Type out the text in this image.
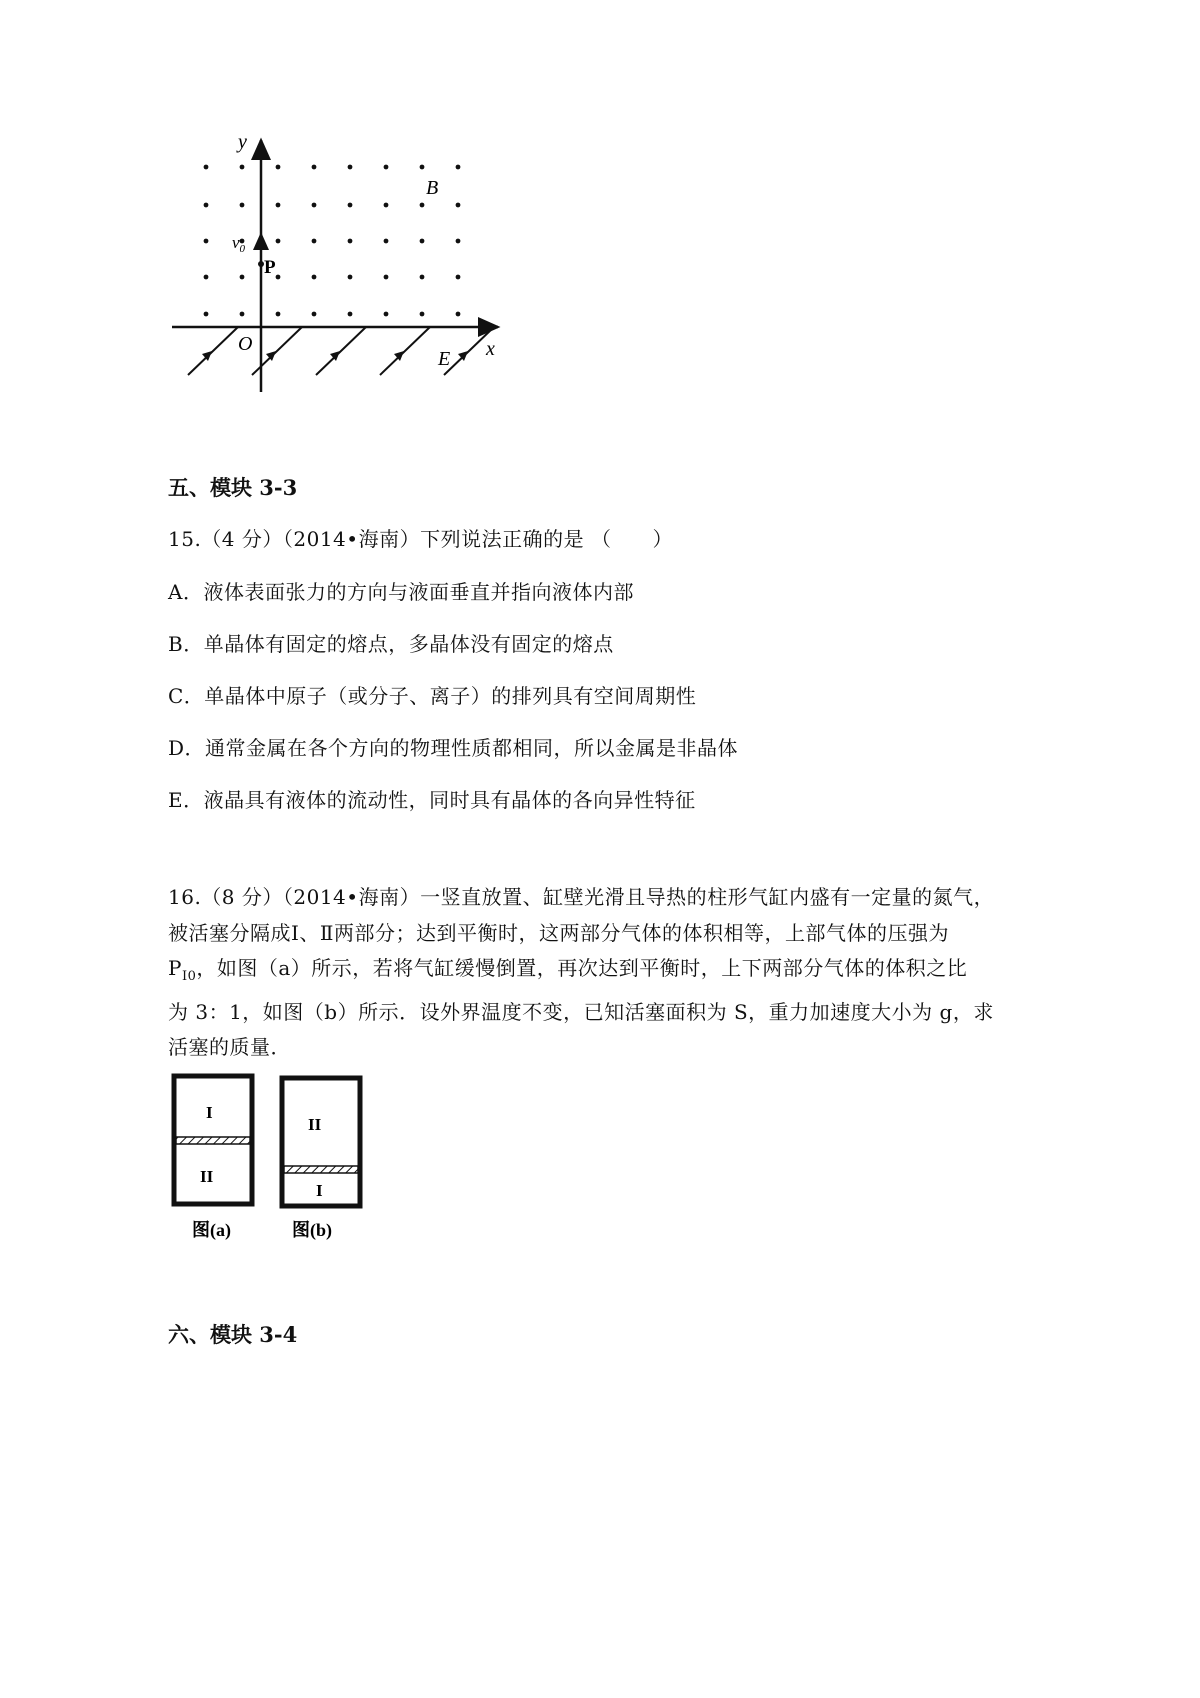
y
x
O
B
$v_0$
P
E
五、模块 3-3
15.（4 分）（2014•海南）下列说法正确的是 （　　）
A．液体表面张力的方向与液面垂直并指向液体内部
B．单晶体有固定的熔点，多晶体没有固定的熔点
C．单晶体中原子（或分子、离子）的排列具有空间周期性
D．通常金属在各个方向的物理性质都相同，所以金属是非晶体
E．液晶具有液体的流动性，同时具有晶体的各向异性特征
16.（8 分）（2014•海南）一竖直放置、缸壁光滑且导热的柱形气缸内盛有一定量的氮气，
被活塞分隔成Ⅰ、Ⅱ两部分；达到平衡时，这两部分气体的体积相等，上部气体的压强为
$P_{Ⅰ0}$，如图（a）所示，若将气缸缓慢倒置，再次达到平衡时，上下两部分气体的体积之比
为 3：1，如图（b）所示．设外界温度不变，已知活塞面积为 S，重力加速度大小为 g，求
活塞的质量．
I
II
图(a)
II
I
图(b)
六、模块 3-4
